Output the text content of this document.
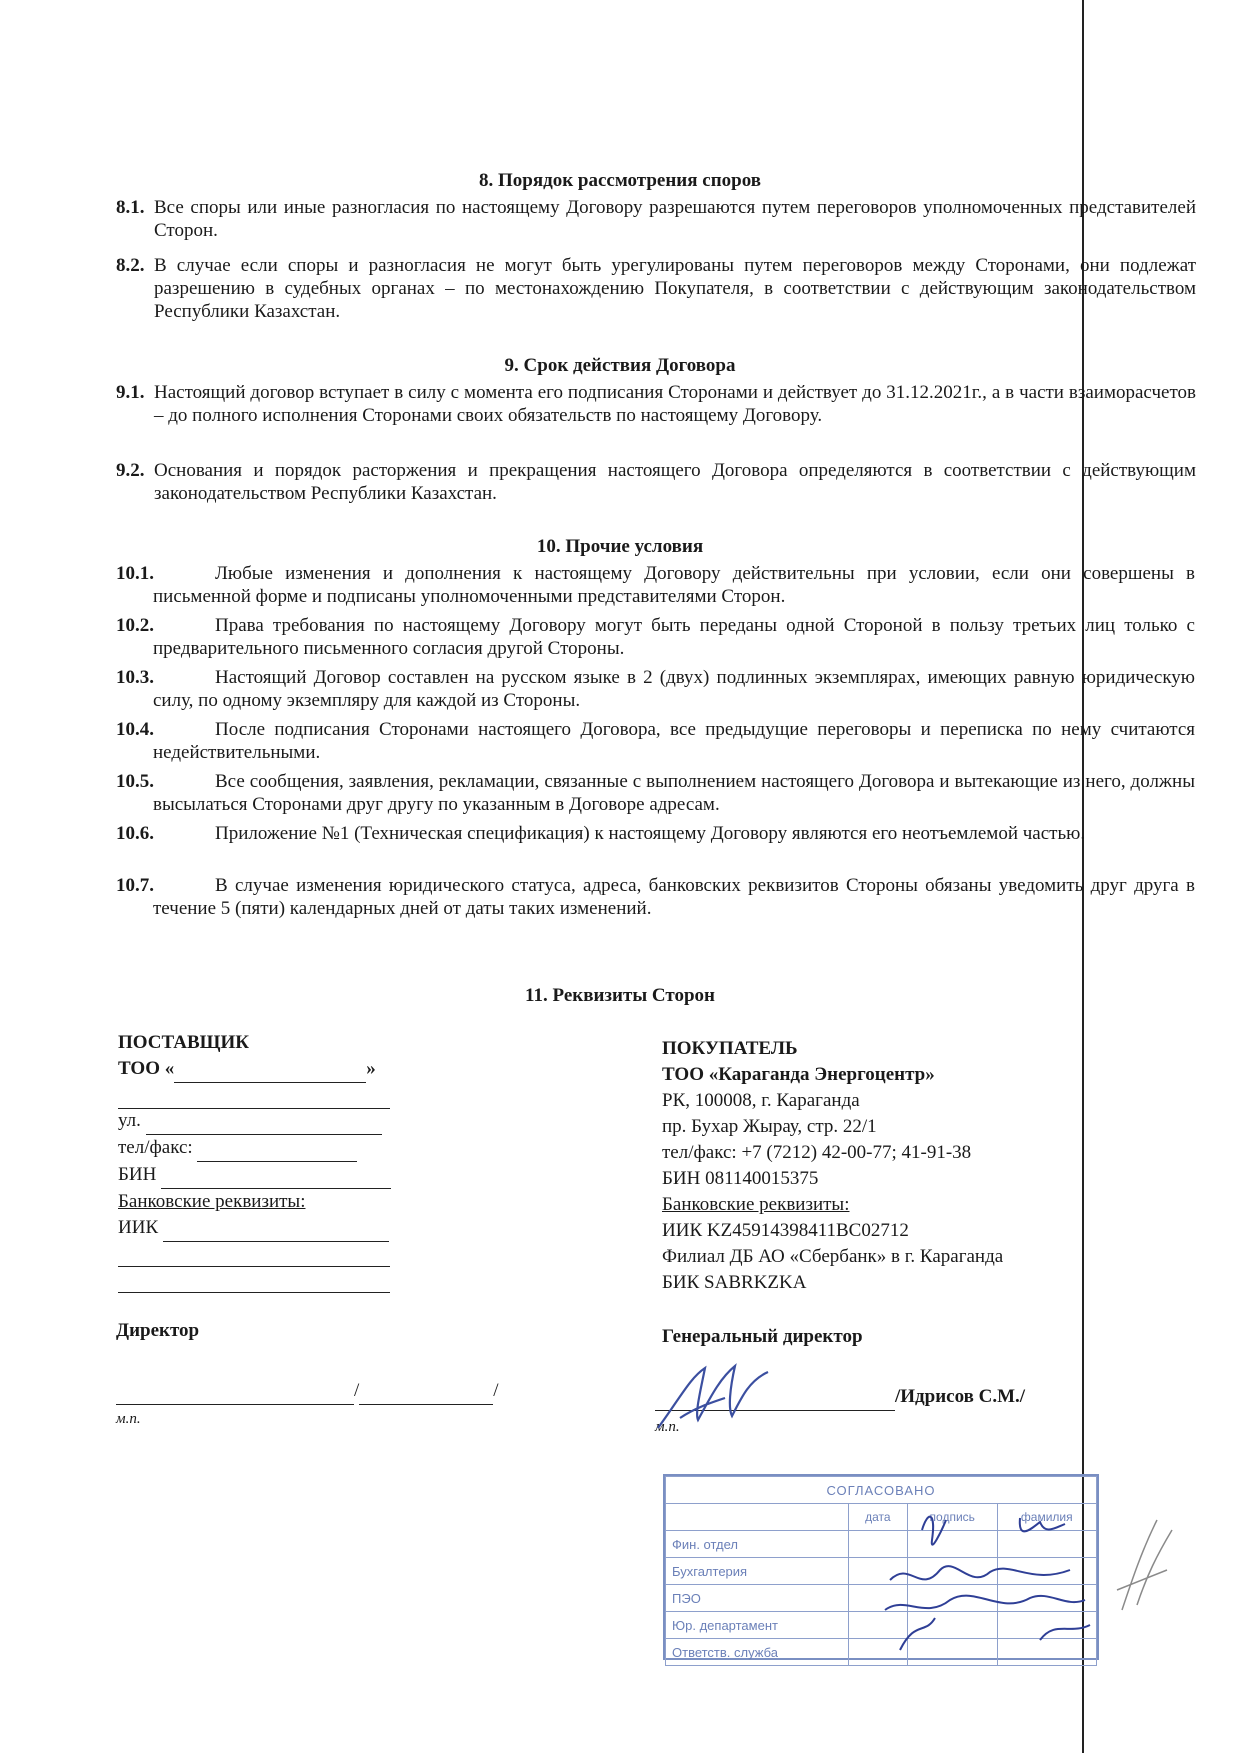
8. Порядок рассмотрения споров
8.1. Все споры или иные разногласия по настоящему Договору разрешаются путем переговоров уполномоченных представителей Сторон.
8.2. В случае если споры и разногласия не могут быть урегулированы путем переговоров между Сторонами, они подлежат разрешению в судебных органах – по местонахождению Покупателя, в соответствии с действующим законодательством Республики Казахстан.
9. Срок действия Договора
9.1. Настоящий договор вступает в силу с момента его подписания Сторонами и действует до 31.12.2021г., а в части взаиморасчетов – до полного исполнения Сторонами своих обязательств по настоящему Договору.
9.2. Основания и порядок расторжения и прекращения настоящего Договора определяются в соответствии с действующим законодательством Республики Казахстан.
10. Прочие условия
10.1.	Любые изменения и дополнения к настоящему Договору действительны при условии, если они совершены в письменной форме и подписаны уполномоченными представителями Сторон.
10.2.	Права требования по настоящему Договору могут быть переданы одной Стороной в пользу третьих лиц только с предварительного письменного согласия другой Стороны.
10.3.	Настоящий Договор составлен на русском языке в 2 (двух) подлинных экземплярах, имеющих равную юридическую силу, по одному экземпляру для каждой из Стороны.
10.4.	После подписания Сторонами настоящего Договора, все предыдущие переговоры и переписка по нему считаются недействительными.
10.5.	Все сообщения, заявления, рекламации, связанные с выполнением настоящего Договора и вытекающие из него, должны высылаться Сторонами друг другу по указанным в Договоре адресам.
10.6.	Приложение №1 (Техническая спецификация) к настоящему Договору являются его неотъемлемой частью.
10.7.	В случае изменения юридического статуса, адреса, банковских реквизитов Стороны обязаны уведомить друг друга в течение 5 (пяти) календарных дней от даты таких изменений.
11. Реквизиты Сторон
ПОСТАВЩИК
ТОО «	»
ул.
тел/факс:
БИН
Банковские реквизиты:
ИИК
Директор
/	/
м.п.
ПОКУПАТЕЛЬ
ТОО «Караганда Энергоцентр»
РК, 100008, г. Караганда
пр. Бухар Жырау, стр. 22/1
тел/факс: +7 (7212) 42-00-77; 41-91-38
БИН 081140015375
Банковские реквизиты:
ИИК KZ45914398411BC02712
Филиал ДБ АО «Сбербанк» в г. Караганда
БИК SABRKZKA
Генеральный директор
/Идрисов С.М./
м.п.
СОГЛАСОВАНО			
	дата	подпись	фамилия
Фин. отдел			
Бухгалтерия			
ПЭО			
Юр. департамент			
Ответств. служба			
